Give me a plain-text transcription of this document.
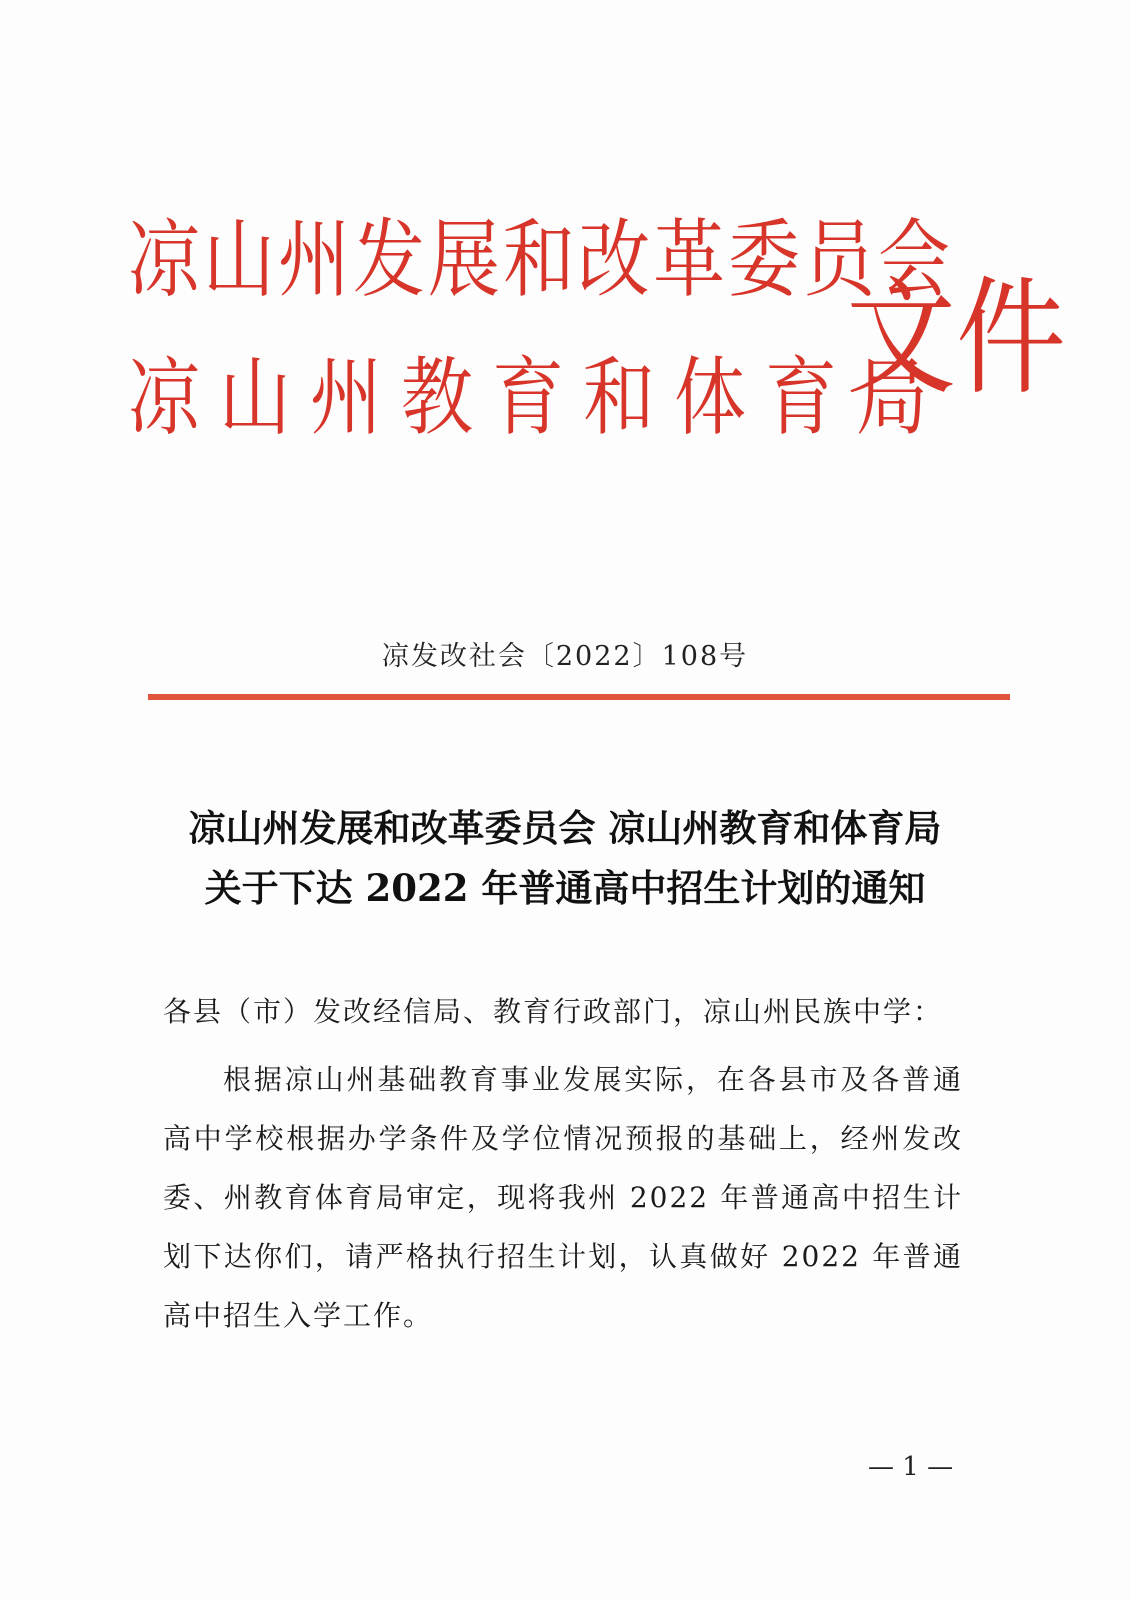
凉山州发展和改革委员会
凉山州教育和体育局
文件
凉发改社会〔2022〕108号
凉山州发展和改革委员会 凉山州教育和体育局
关于下达 2022 年普通高中招生计划的通知
各县（市）发改经信局、教育行政部门，凉山州民族中学：
根据凉山州基础教育事业发展实际，在各县市及各普通高中学校根据办学条件及学位情况预报的基础上，经州发改委、州教育体育局审定，现将我州 2022 年普通高中招生计划下达你们，请严格执行招生计划，认真做好 2022 年普通高中招生入学工作。
— 1 —
